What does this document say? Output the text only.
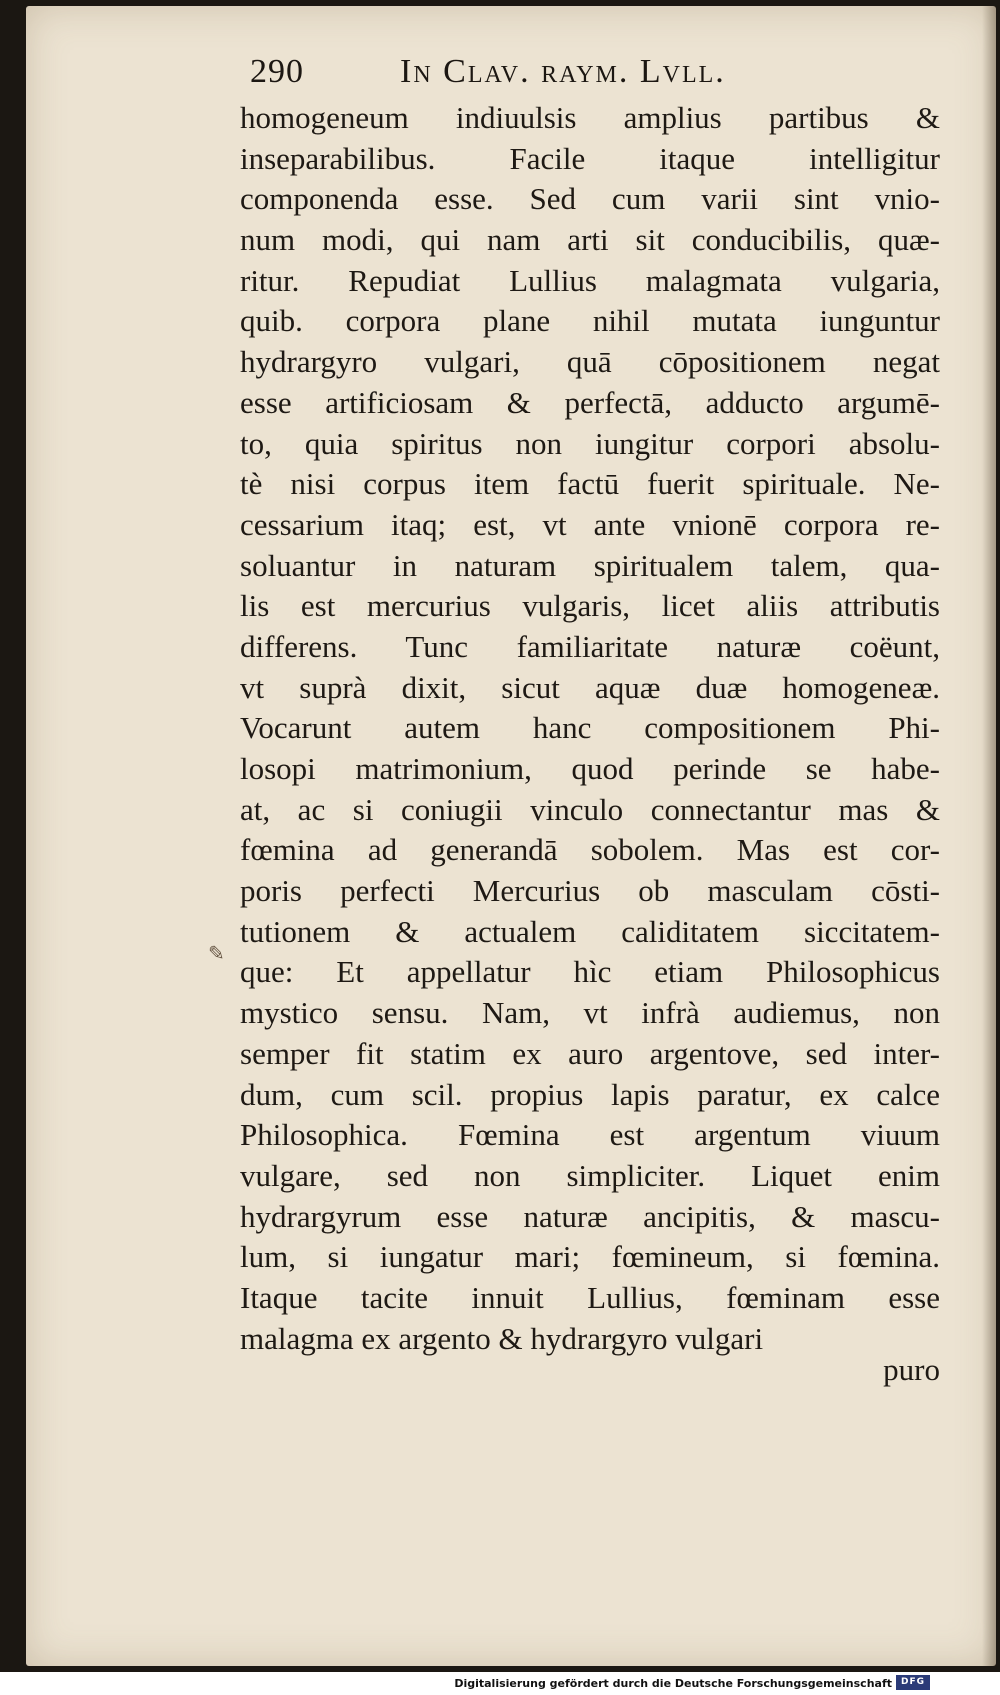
290	In Clav. raym. Lvll.
✎
homogeneum indiuulsis amplius partibus &
inseparabilibus. Facile itaque intelligitur
componenda esse. Sed cum varii sint vnio-
num modi, qui nam arti sit conducibilis, quæ-
ritur. Repudiat Lullius malagmata vulgaria,
quib. corpora plane nihil mutata iunguntur
hydrargyro vulgari, quā cōpositionem negat
esse artificiosam & perfectā, adducto argumē-
to, quia spiritus non iungitur corpori absolu-
tè nisi corpus item factū fuerit spirituale. Ne-
cessarium itaq; est, vt ante vnionē corpora re-
soluantur in naturam spiritualem talem, qua-
lis est mercurius vulgaris, licet aliis attributis
differens. Tunc familiaritate naturæ coëunt,
vt suprà dixit, sicut aquæ duæ homogeneæ.
Vocarunt autem hanc compositionem Phi-
losopi matrimonium, quod perinde se habe-
at, ac si coniugii vinculo connectantur mas &
fœmina ad generandā sobolem. Mas est cor-
poris perfecti Mercurius ob masculam cōsti-
tutionem & actualem caliditatem siccitatem-
que: Et appellatur hìc etiam Philosophicus
mystico sensu. Nam, vt infrà audiemus, non
semper fit statim ex auro argentove, sed inter-
dum, cum scil. propius lapis paratur, ex calce
Philosophica. Fœmina est argentum viuum
vulgare, sed non simpliciter. Liquet enim
hydrargyrum esse naturæ ancipitis, & mascu-
lum, si iungatur mari; fœmineum, si fœmina.
Itaque tacite innuit Lullius, fœminam esse
malagma ex argento & hydrargyro vulgari
puro
Digitalisierung gefördert durch die Deutsche Forschungsgemeinschaft DFG
